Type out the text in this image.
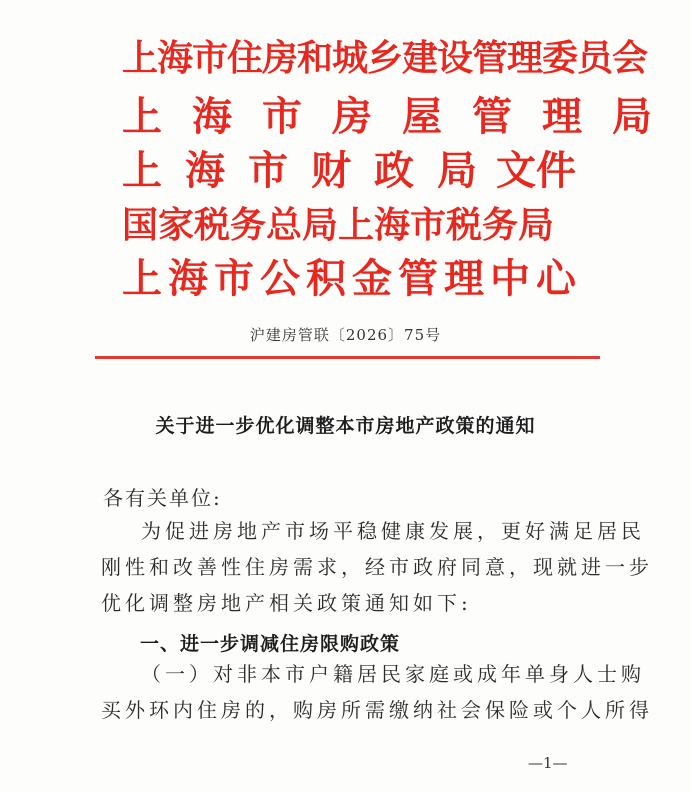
上海市住房和城乡建设管理委员会
上海市房屋管理局
上海市财政局文件
国家税务总局上海市税务局
上海市公积金管理中心
沪建房管联〔2026〕75号
关于进一步优化调整本市房地产政策的通知
各有关单位:
为促进房地产市场平稳健康发展，更好满足居民
刚性和改善性住房需求，经市政府同意，现就进一步
优化调整房地产相关政策通知如下:
一、进一步调减住房限购政策
（一）对非本市户籍居民家庭或成年单身人士购
买外环内住房的，购房所需缴纳社会保险或个人所得
—1—
